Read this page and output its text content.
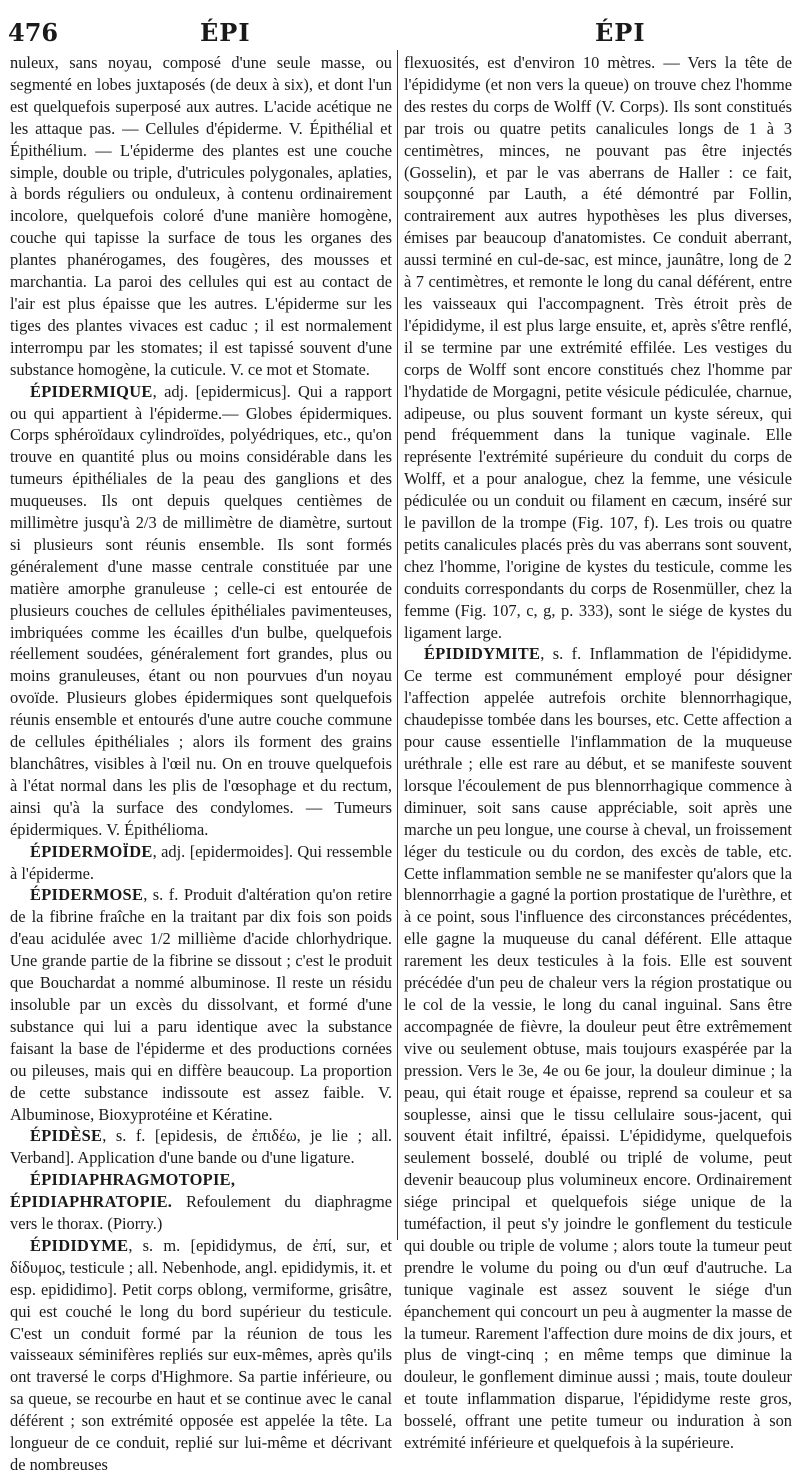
476	ÉPI	ÉPI

nuleux, sans noyau, composé d'une seule masse, ou segmenté en lobes juxtaposés (de deux à six), et dont l'un est quelquefois superposé aux autres. L'acide acétique ne les attaque pas. — Cellules d'épiderme. V. Épithélial et Épithélium. — L'épiderme des plantes est une couche simple, double ou triple, d'utricules polygonales, aplaties, à bords réguliers ou onduleux, à contenu ordinairement incolore, quelquefois coloré d'une manière homogène, couche qui tapisse la surface de tous les organes des plantes phanérogames, des fougères, des mousses et marchantia. La paroi des cellules qui est au contact de l'air est plus épaisse que les autres. L'épiderme sur les tiges des plantes vivaces est caduc ; il est normalement interrompu par les stomates; il est tapissé souvent d'une substance homogène, la cuticule. V. ce mot et Stomate.

ÉPIDERMIQUE, adj. [epidermicus]. Qui a rapport ou qui appartient à l'épiderme.— Globes épidermiques. Corps sphéroïdaux cylindroïdes, polyédriques, etc., qu'on trouve en quantité plus ou moins considérable dans les tumeurs épithéliales de la peau des ganglions et des muqueuses. Ils ont depuis quelques centièmes de millimètre jusqu'à 2/3 de millimètre de diamètre, surtout si plusieurs sont réunis ensemble. Ils sont formés généralement d'une masse centrale constituée par une matière amorphe granuleuse ; celle-ci est entourée de plusieurs couches de cellules épithéliales pavimenteuses, imbriquées comme les écailles d'un bulbe, quelquefois réellement soudées, généralement fort grandes, plus ou moins granuleuses, étant ou non pourvues d'un noyau ovoïde. Plusieurs globes épidermiques sont quelquefois réunis ensemble et entourés d'une autre couche commune de cellules épithéliales ; alors ils forment des grains blanchâtres, visibles à l'œil nu. On en trouve quelquefois à l'état normal dans les plis de l'œsophage et du rectum, ainsi qu'à la surface des condylomes. — Tumeurs épidermiques. V. Épithélioma.

ÉPIDERMOÏDE, adj. [epidermoides]. Qui ressemble à l'épiderme.

ÉPIDERMOSE, s. f. Produit d'altération qu'on retire de la fibrine fraîche en la traitant par dix fois son poids d'eau acidulée avec 1/2 millième d'acide chlorhydrique. Une grande partie de la fibrine se dissout ; c'est le produit que Bouchardat a nommé albuminose. Il reste un résidu insoluble par un excès du dissolvant, et formé d'une substance qui lui a paru identique avec la substance faisant la base de l'épiderme et des productions cornées ou pileuses, mais qui en diffère beaucoup. La proportion de cette substance indissoute est assez faible. V. Albuminose, Bioxyprotéine et Kératine.

ÉPIDÈSE, s. f. [epidesis, de ἐπιδέω, je lie ; all. Verband]. Application d'une bande ou d'une ligature.

ÉPIDIAPHRAGMOTOPIE, ÉPIDIAPHRATOPIE. Refoulement du diaphragme vers le thorax. (Piorry.)

ÉPIDIDYME, s. m. [epididymus, de ἐπί, sur, et δίδυμος, testicule ; all. Nebenhode, angl. epididymis, it. et esp. epididimo]. Petit corps oblong, vermiforme, grisâtre, qui est couché le long du bord supérieur du testicule. C'est un conduit formé par la réunion de tous les vaisseaux séminifères repliés sur eux-mêmes, après qu'ils ont traversé le corps d'Highmore. Sa partie inférieure, ou sa queue, se recourbe en haut et se continue avec le canal déférent ; son extrémité opposée est appelée la tête. La longueur de ce conduit, replié sur lui-même et décrivant de nombreuses

flexuosités, est d'environ 10 mètres. — Vers la tête de l'épididyme (et non vers la queue) on trouve chez l'homme des restes du corps de Wolff (V. Corps). Ils sont constitués par trois ou quatre petits canalicules longs de 1 à 3 centimètres, minces, ne pouvant pas être injectés (Gosselin), et par le vas aberrans de Haller : ce fait, soupçonné par Lauth, a été démontré par Follin, contrairement aux autres hypothèses les plus diverses, émises par beaucoup d'anatomistes. Ce conduit aberrant, aussi terminé en cul-de-sac, est mince, jaunâtre, long de 2 à 7 centimètres, et remonte le long du canal déférent, entre les vaisseaux qui l'accompagnent. Très étroit près de l'épididyme, il est plus large ensuite, et, après s'être renflé, il se termine par une extrémité effilée. Les vestiges du corps de Wolff sont encore constitués chez l'homme par l'hydatide de Morgagni, petite vésicule pédiculée, charnue, adipeuse, ou plus souvent formant un kyste séreux, qui pend fréquemment dans la tunique vaginale. Elle représente l'extrémité supérieure du conduit du corps de Wolff, et a pour analogue, chez la femme, une vésicule pédiculée ou un conduit ou filament en cæcum, inséré sur le pavillon de la trompe (Fig. 107, f). Les trois ou quatre petits canalicules placés près du vas aberrans sont souvent, chez l'homme, l'origine de kystes du testicule, comme les conduits correspondants du corps de Rosenmüller, chez la femme (Fig. 107, c, g, p. 333), sont le siége de kystes du ligament large.

ÉPIDIDYMITE, s. f. Inflammation de l'épididyme. Ce terme est communément employé pour désigner l'affection appelée autrefois orchite blennorrhagique, chaudepisse tombée dans les bourses, etc. Cette affection a pour cause essentielle l'inflammation de la muqueuse uréthrale ; elle est rare au début, et se manifeste souvent lorsque l'écoulement de pus blennorrhagique commence à diminuer, soit sans cause appréciable, soit après une marche un peu longue, une course à cheval, un froissement léger du testicule ou du cordon, des excès de table, etc. Cette inflammation semble ne se manifester qu'alors que la blennorrhagie a gagné la portion prostatique de l'urèthre, et à ce point, sous l'influence des circonstances précédentes, elle gagne la muqueuse du canal déférent. Elle attaque rarement les deux testicules à la fois. Elle est souvent précédée d'un peu de chaleur vers la région prostatique ou le col de la vessie, le long du canal inguinal. Sans être accompagnée de fièvre, la douleur peut être extrêmement vive ou seulement obtuse, mais toujours exaspérée par la pression. Vers le 3e, 4e ou 6e jour, la douleur diminue ; la peau, qui était rouge et épaisse, reprend sa couleur et sa souplesse, ainsi que le tissu cellulaire sous-jacent, qui souvent était infiltré, épaissi. L'épididyme, quelquefois seulement bosselé, doublé ou triplé de volume, peut devenir beaucoup plus volumineux encore. Ordinairement siége principal et quelquefois siége unique de la tuméfaction, il peut s'y joindre le gonflement du testicule qui double ou triple de volume ; alors toute la tumeur peut prendre le volume du poing ou d'un œuf d'autruche. La tunique vaginale est assez souvent le siége d'un épanchement qui concourt un peu à augmenter la masse de la tumeur. Rarement l'affection dure moins de dix jours, et plus de vingt-cinq ; en même temps que diminue la douleur, le gonflement diminue aussi ; mais, toute douleur et toute inflammation disparue, l'épididyme reste gros, bosselé, offrant une petite tumeur ou induration à son extrémité inférieure et quelquefois à la supérieure.
